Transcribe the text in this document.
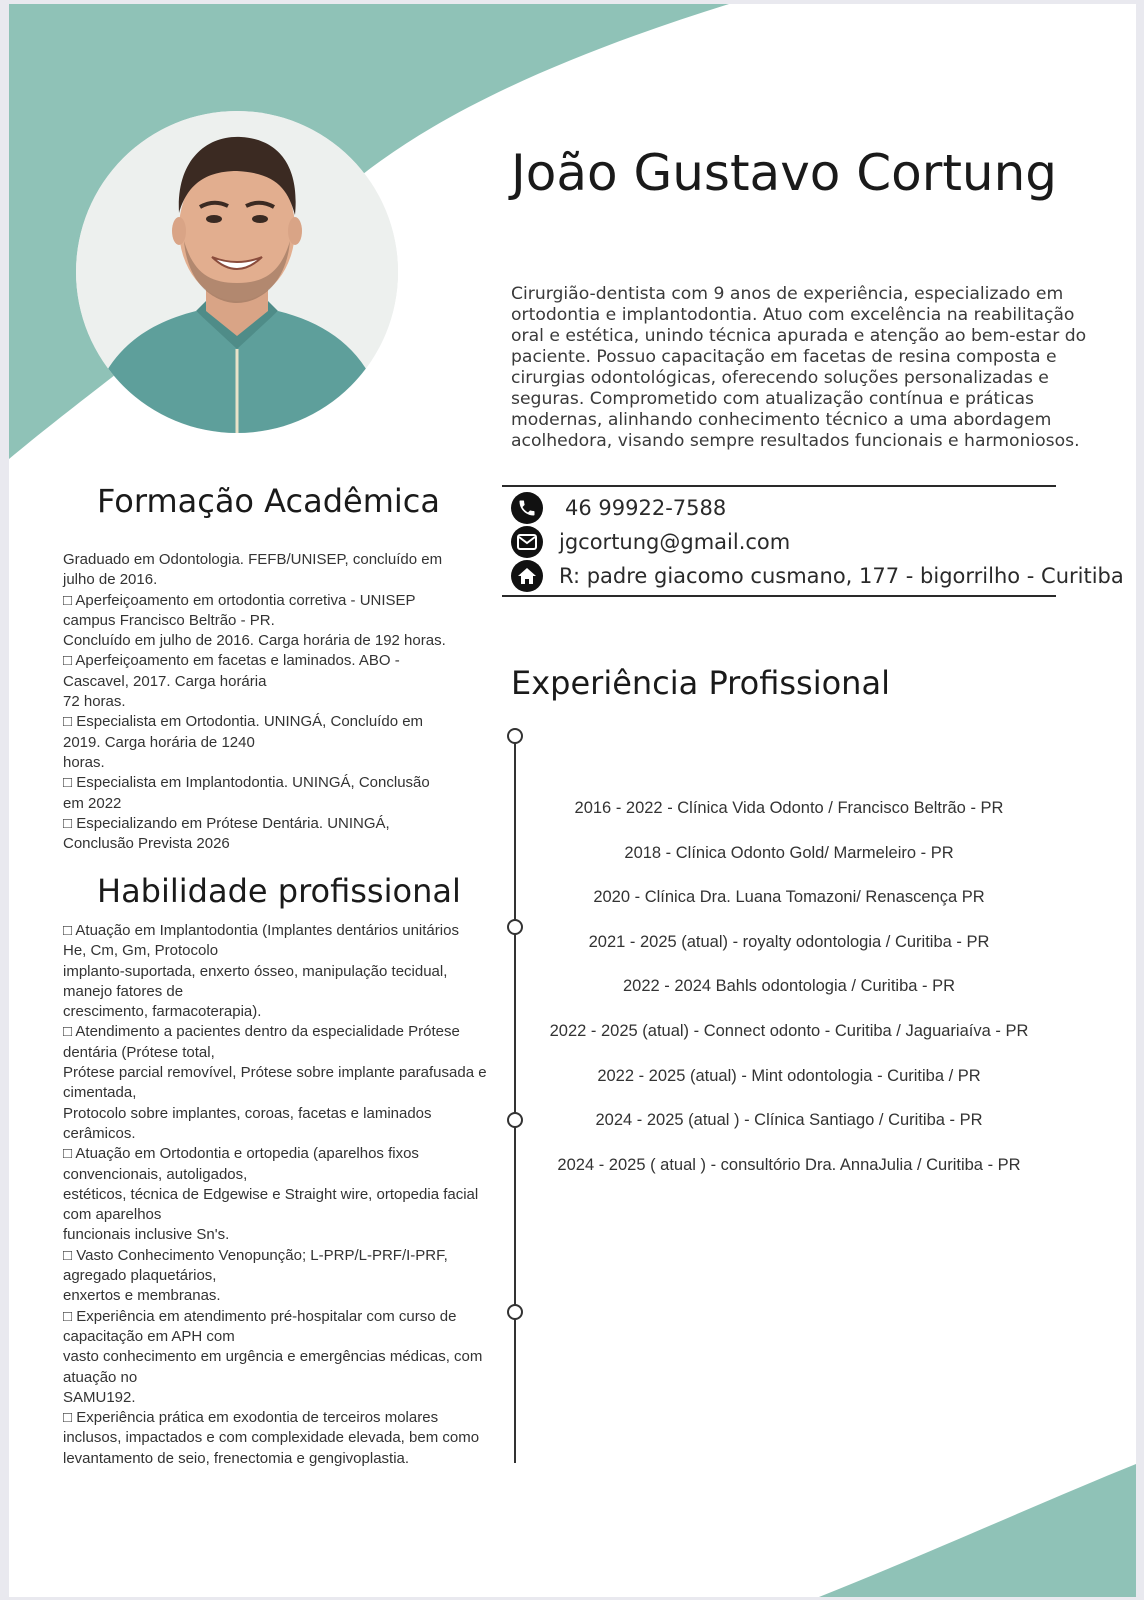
João Gustavo Cortung
Cirurgião-dentista com 9 anos de experiência, especializado em ortodontia e implantodontia. Atuo com excelência na reabilitação oral e estética, unindo técnica apurada e atenção ao bem-estar do paciente. Possuo capacitação em facetas de resina composta e cirurgias odontológicas, oferecendo soluções personalizadas e seguras. Comprometido com atualização contínua e práticas modernas, alinhando conhecimento técnico a uma abordagem acolhedora, visando sempre resultados funcionais e harmoniosos.
46 99922-7588
jgcortung@gmail.com
R: padre giacomo cusmano, 177 - bigorrilho - Curitiba
Formação Acadêmica
Graduado em Odontologia. FEFB/UNISEP, concluído em
julho de 2016.
□ Aperfeiçoamento em ortodontia corretiva - UNISEP
campus Francisco Beltrão - PR.
Concluído em julho de 2016. Carga horária de 192 horas.
□ Aperfeiçoamento em facetas e laminados. ABO -
Cascavel, 2017. Carga horária
72 horas.
□ Especialista em Ortodontia. UNINGÁ, Concluído em
2019. Carga horária de 1240
horas.
□ Especialista em Implantodontia. UNINGÁ, Conclusão
em 2022
□ Especializando em Prótese Dentária. UNINGÁ,
Conclusão Prevista 2026
Habilidade profissional
□ Atuação em Implantodontia (Implantes dentários unitários
He, Cm, Gm, Protocolo
implanto-suportada, enxerto ósseo, manipulação tecidual,
manejo fatores de
crescimento, farmacoterapia).
□ Atendimento a pacientes dentro da especialidade Prótese
dentária (Prótese total,
Prótese parcial removível, Prótese sobre implante parafusada e
cimentada,
Protocolo sobre implantes, coroas, facetas e laminados
cerâmicos.
□ Atuação em Ortodontia e ortopedia (aparelhos fixos
convencionais, autoligados,
estéticos, técnica de Edgewise e Straight wire, ortopedia facial
com aparelhos
funcionais inclusive Sn's.
□ Vasto Conhecimento Venopunção; L-PRP/L-PRF/I-PRF,
agregado plaquetários,
enxertos e membranas.
□ Experiência em atendimento pré-hospitalar com curso de
capacitação em APH com
vasto conhecimento em urgência e emergências médicas, com
atuação no
SAMU192.
□ Experiência prática em exodontia de terceiros molares
inclusos, impactados e com complexidade elevada, bem como
levantamento de seio, frenectomia e gengivoplastia.
Experiência Profissional
2016 - 2022 - Clínica Vida Odonto / Francisco Beltrão - PR
2018 - Clínica Odonto Gold/ Marmeleiro - PR
2020 - Clínica Dra. Luana Tomazoni/ Renascença PR
2021 - 2025 (atual) - royalty odontologia / Curitiba - PR
2022 - 2024 Bahls odontologia / Curitiba - PR
2022 - 2025 (atual) - Connect odonto - Curitiba / Jaguariaíva - PR
2022 - 2025 (atual) - Mint odontologia - Curitiba / PR
2024 - 2025 (atual ) - Clínica Santiago / Curitiba - PR
2024 - 2025 ( atual ) - consultório Dra. AnnaJulia / Curitiba - PR
